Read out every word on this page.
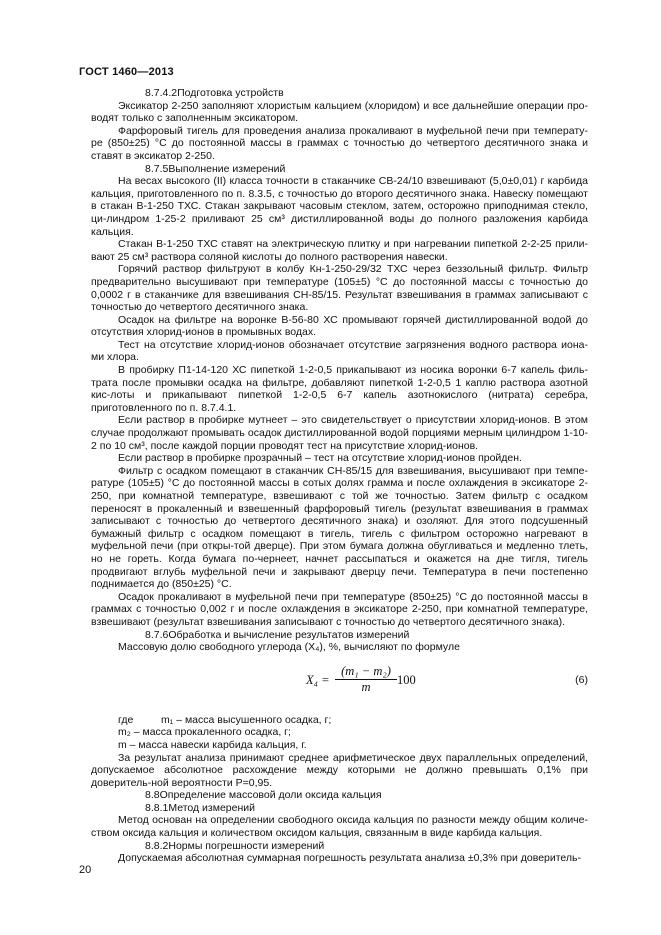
ГОСТ 1460—2013

8.7.4.2Подготовка устройств

Эксикатор 2-250 заполняют хлористым кальцием (хлоридом) и все дальнейшие операции про-водят только с заполненным эксикатором.

Фарфоровый тигель для проведения анализа прокаливают в муфельной печи при температу-ре (850±25) °С до постоянной массы в граммах с точностью до четвертого десятичного знака и ставят в эксикатор 2-250.

8.7.5Выполнение измерений

На весах высокого (II) класса точности в стаканчике СВ-24/10 взвешивают (5,0±0,01) г карбида кальция, приготовленного по п. 8.3.5, с точностью до второго десятичного знака. Навеску помещают в стакан В-1-250 ТХС. Стакан закрывают часовым стеклом, затем, осторожно приподнимая стекло, ци-линдром 1-25-2 приливают 25 см³ дистиллированной воды до полного разложения карбида кальция.

Стакан В-1-250 ТХС ставят на электрическую плитку и при нагревании пипеткой 2-2-25 прили-вают 25 см³ раствора соляной кислоты до полного растворения навески.

Горячий раствор фильтруют в колбу Кн-1-250-29/32 ТХС через беззольный фильтр. Фильтр предварительно высушивают при температуре (105±5) °С до постоянной массы с точностью до 0,0002 г в стаканчике для взвешивания СН-85/15. Результат взвешивания в граммах записывают с точностью до четвертого десятичного знака.

Осадок на фильтре на воронке В-56-80 ХС промывают горячей дистиллированной водой до отсутствия хлорид-ионов в промывных водах.

Тест на отсутствие хлорид-ионов обозначает отсутствие загрязнения водного раствора иона-ми хлора.

В пробирку П1-14-120 ХС пипеткой 1-2-0,5 прикапывают из носика воронки 6-7 капель филь-трата после промывки осадка на фильтре, добавляют пипеткой 1-2-0,5 1 каплю раствора азотной кис-лоты и прикапывают пипеткой 1-2-0,5 6-7 капель азотнокислого (нитрата) серебра, приготовленного по п. 8.7.4.1.

Если раствор в пробирке мутнеет – это свидетельствует о присутствии хлорид-ионов. В этом случае продолжают промывать осадок дистиллированной водой порциями мерным цилиндром 1-10-2 по 10 см³, после каждой порции проводят тест на присутствие хлорид-ионов.

Если раствор в пробирке прозрачный – тест на отсутствие хлорид-ионов пройден.

Фильтр с осадком помещают в стаканчик СН-85/15 для взвешивания, высушивают при темпе-ратуре (105±5) °С до постоянной массы в сотых долях грамма и после охлаждения в эксикаторе 2-250, при комнатной температуре, взвешивают с той же точностью. Затем фильтр с осадком переносят в прокаленный и взвешенный фарфоровый тигель (результат взвешивания в граммах записывают с точностью до четвертого десятичного знака) и озоляют. Для этого подсушенный бумажный фильтр с осадком помещают в тигель, тигель с фильтром осторожно нагревают в муфельной печи (при откры-той дверце). При этом бумага должна обугливаться и медленно тлеть, но не гореть. Когда бумага по-чернеет, начнет рассыпаться и окажется на дне тигля, тигель продвигают вглубь муфельной печи и закрывают дверцу печи. Температура в печи постепенно поднимается до (850±25) °С.

Осадок прокаливают в муфельной печи при температуре (850±25) °С до постоянной массы в граммах с точностью 0,002 г и после охлаждения в эксикаторе 2-250, при комнатной температуре, взвешивают (результат взвешивания записывают с точностью до четвертого десятичного знака).

8.7.6Обработка и вычисление результатов измерений

Массовую долю свободного углерода (X₄), %, вычисляют по формуле

$X_4 = \frac{\text{(m₁ − m₂)}}{m} 100$	(6)
где	m₁ – масса высушенного осадка, г;
m₂ – масса прокаленного осадка, г;
m – масса навески карбида кальция, г.

За результат анализа принимают среднее арифметическое двух параллельных определений, допускаемое абсолютное расхождение между которыми не должно превышать 0,1% при доверитель-ной вероятности Р=0,95.

8.8Определение массовой доли оксида кальция

8.8.1Метод измерений

Метод основан на определении свободного оксида кальция по разности между общим количе-ством оксида кальция и количеством оксидом кальция, связанным в виде карбида кальция.

8.8.2Нормы погрешности измерений

Допускаемая абсолютная суммарная погрешность результата анализа ±0,3% при доверитель-

20
